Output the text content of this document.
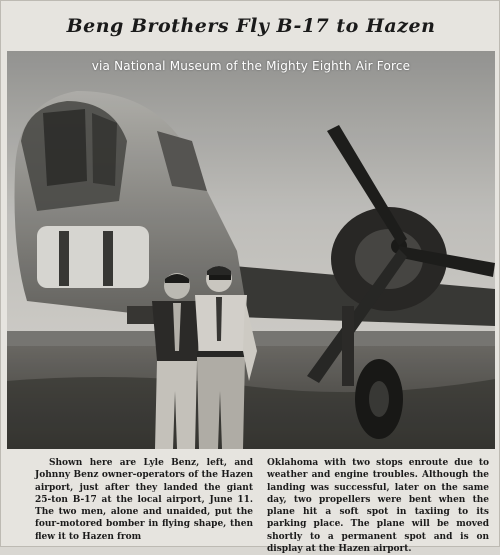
Beng Brothers Fly B-17 to Hazen
via National Museum of the Mighty Eighth Air Force

Shown here are Lyle Benz, left, and Johnny Benz owner-operators of the Hazen airport, just after they landed the giant 25-ton B-17 at the local airport, June 11. The two men, alone and unaided, put the four-motored bomber in flying shape, then flew it to Hazen from

Oklahoma with two stops enroute due to weather and engine troubles. Although the landing was successful, later on the same day, two propellers were bent when the plane hit a soft spot in taxiing to its parking place. The plane will be moved shortly to a permanent spot and is on display at the Hazen airport.
